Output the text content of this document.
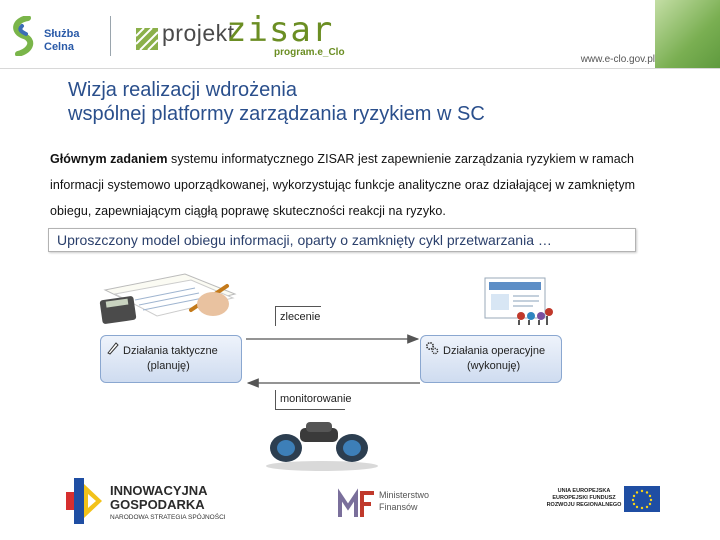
Służba
Celna
projekt.
zisar
program.e_Clo
www.e-clo.gov.pl
Wizja realizacji wdrożenia
wspólnej platformy zarządzania ryzykiem w SC
Głównym zadaniem systemu informatycznego ZISAR jest zapewnienie zarządzania ryzykiem w ramach informacji systemowo uporządkowanej, wykorzystując funkcje analityczne oraz działającej w zamkniętym obiegu, zapewniającym ciągłą poprawę skuteczności reakcji na ryzyko.
Uproszczony model obiegu informacji, oparty o zamknięty cykl przetwarzania …
zlecenie
monitorowanie
Działania taktyczne
(planuję)
Działania operacyjne
(wykonuję)
INNOWACYJNA
GOSPODARKA
NARODOWA STRATEGIA SPÓJNOŚCI
Ministerstwo
Finansów
UNIA EUROPEJSKA
EUROPEJSKI FUNDUSZ
ROZWOJU REGIONALNEGO
